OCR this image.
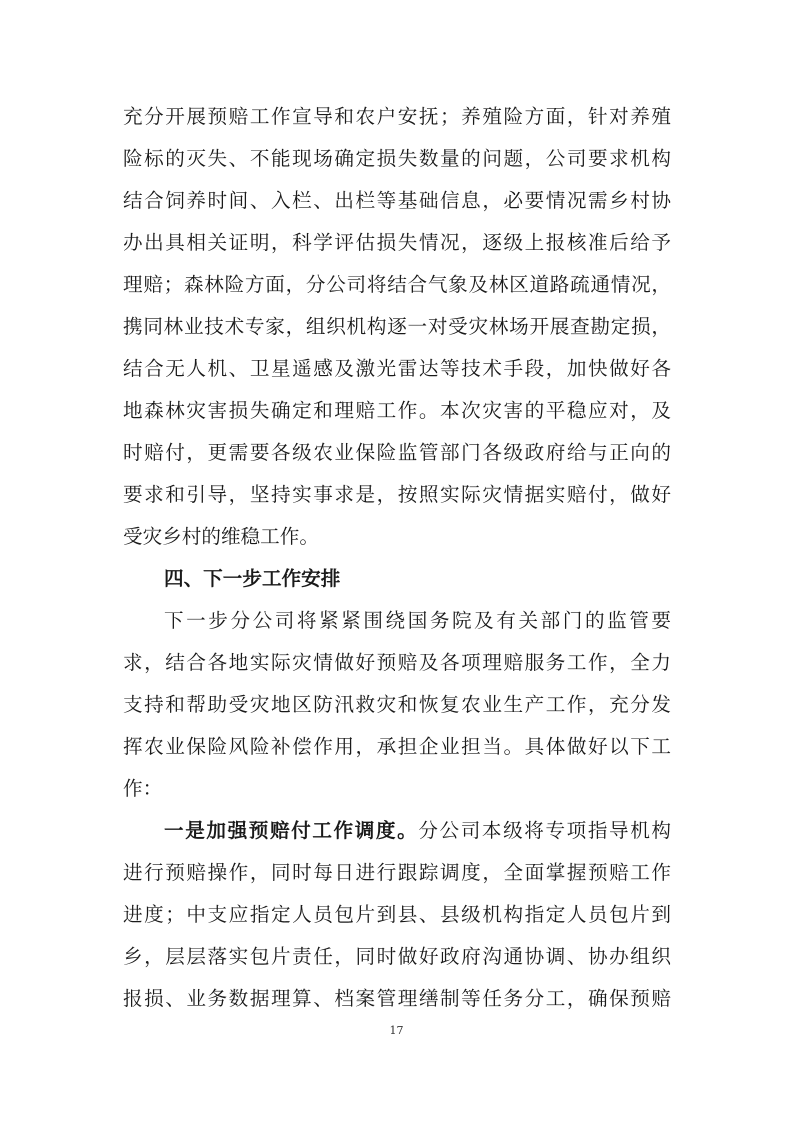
充分开展预赔工作宣导和农户安抚；养殖险方面，针对养殖
险标的灭失、不能现场确定损失数量的问题，公司要求机构
结合饲养时间、入栏、出栏等基础信息，必要情况需乡村协
办出具相关证明，科学评估损失情况，逐级上报核准后给予
理赔；森林险方面，分公司将结合气象及林区道路疏通情况，
携同林业技术专家，组织机构逐一对受灾林场开展查勘定损，
结合无人机、卫星遥感及激光雷达等技术手段，加快做好各
地森林灾害损失确定和理赔工作。本次灾害的平稳应对，及
时赔付，更需要各级农业保险监管部门各级政府给与正向的
要求和引导，坚持实事求是，按照实际灾情据实赔付，做好
受灾乡村的维稳工作。
四、下一步工作安排
下一步分公司将紧紧围绕国务院及有关部门的监管要
求，结合各地实际灾情做好预赔及各项理赔服务工作，全力
支持和帮助受灾地区防汛救灾和恢复农业生产工作，充分发
挥农业保险风险补偿作用，承担企业担当。具体做好以下工
作：
一是加强预赔付工作调度。分公司本级将专项指导机构
进行预赔操作，同时每日进行跟踪调度，全面掌握预赔工作
进度；中支应指定人员包片到县、县级机构指定人员包片到
乡，层层落实包片责任，同时做好政府沟通协调、协办组织
报损、业务数据理算、档案管理缮制等任务分工，确保预赔
17
